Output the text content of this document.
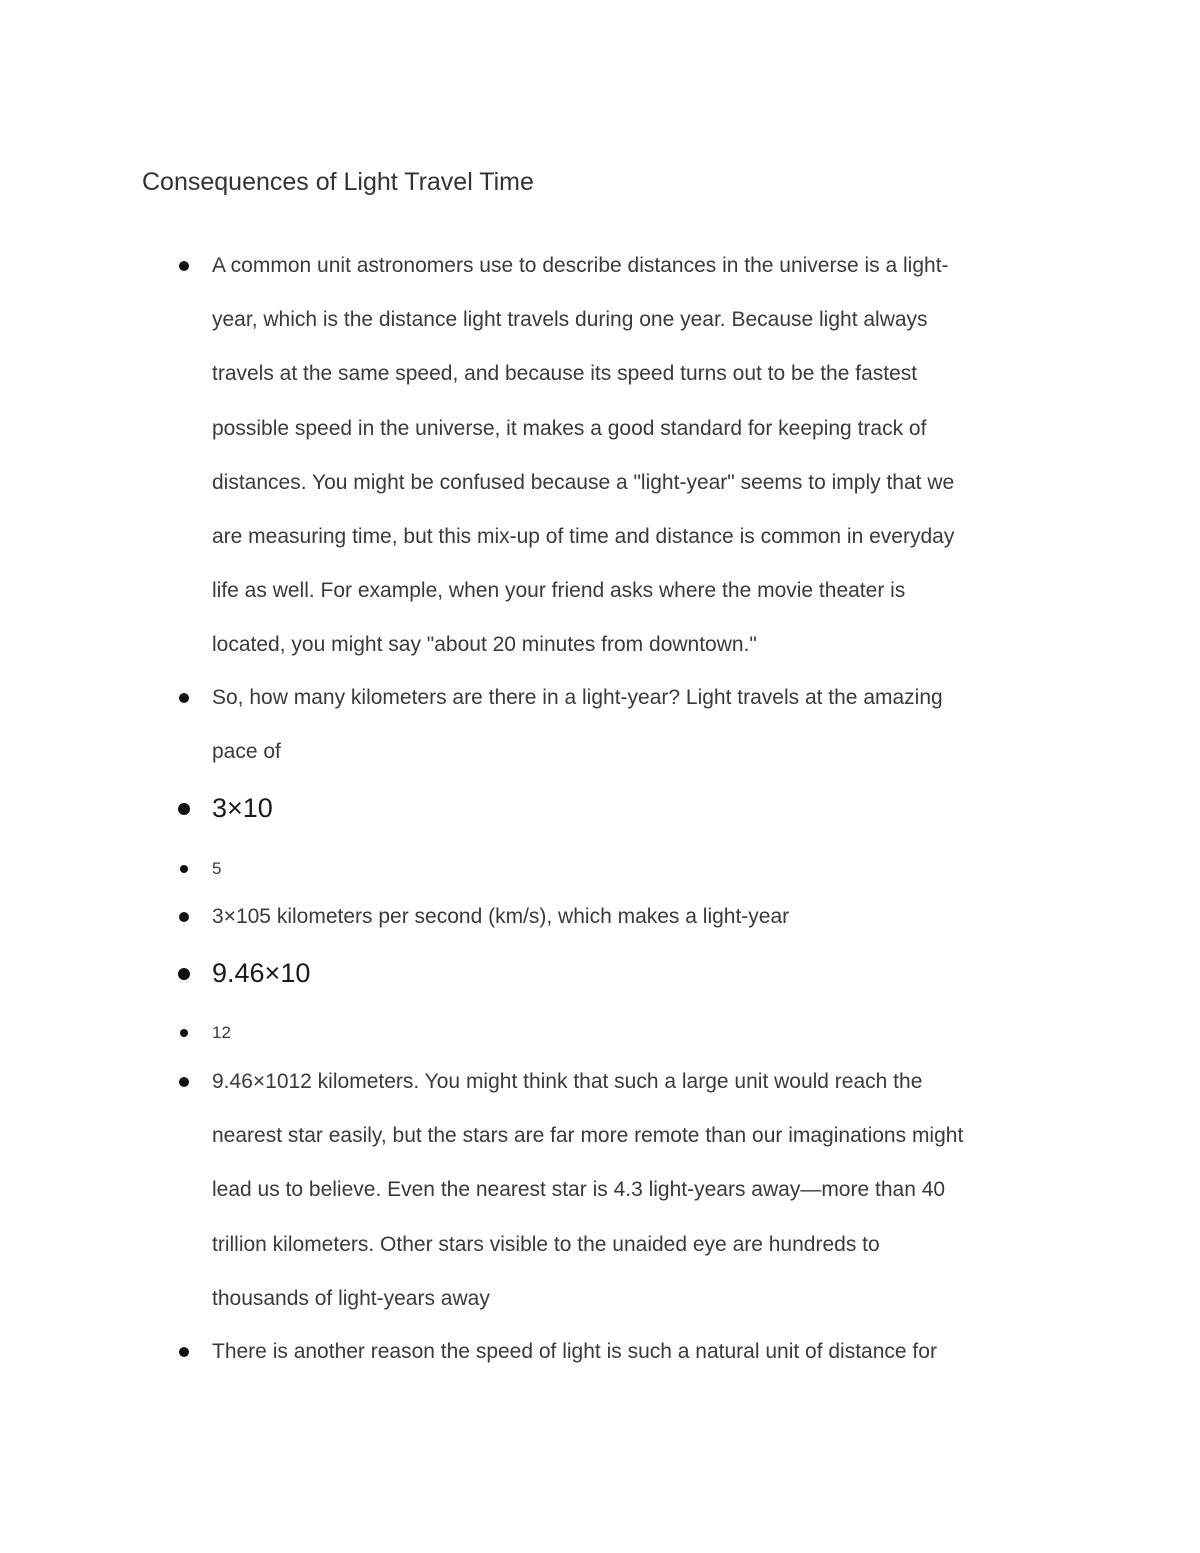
Consequences of Light Travel Time
A common unit astronomers use to describe distances in the universe is a light-
year, which is the distance light travels during one year. Because light always
travels at the same speed, and because its speed turns out to be the fastest
possible speed in the universe, it makes a good standard for keeping track of
distances. You might be confused because a "light-year" seems to imply that we
are measuring time, but this mix-up of time and distance is common in everyday
life as well. For example, when your friend asks where the movie theater is
located, you might say "about 20 minutes from downtown."
So, how many kilometers are there in a light-year? Light travels at the amazing
pace of
3×10
5
3×105 kilometers per second (km/s), which makes a light-year
9.46×10
12
9.46×1012 kilometers. You might think that such a large unit would reach the
nearest star easily, but the stars are far more remote than our imaginations might
lead us to believe. Even the nearest star is 4.3 light-years away—more than 40
trillion kilometers. Other stars visible to the unaided eye are hundreds to
thousands of light-years away
There is another reason the speed of light is such a natural unit of distance for
